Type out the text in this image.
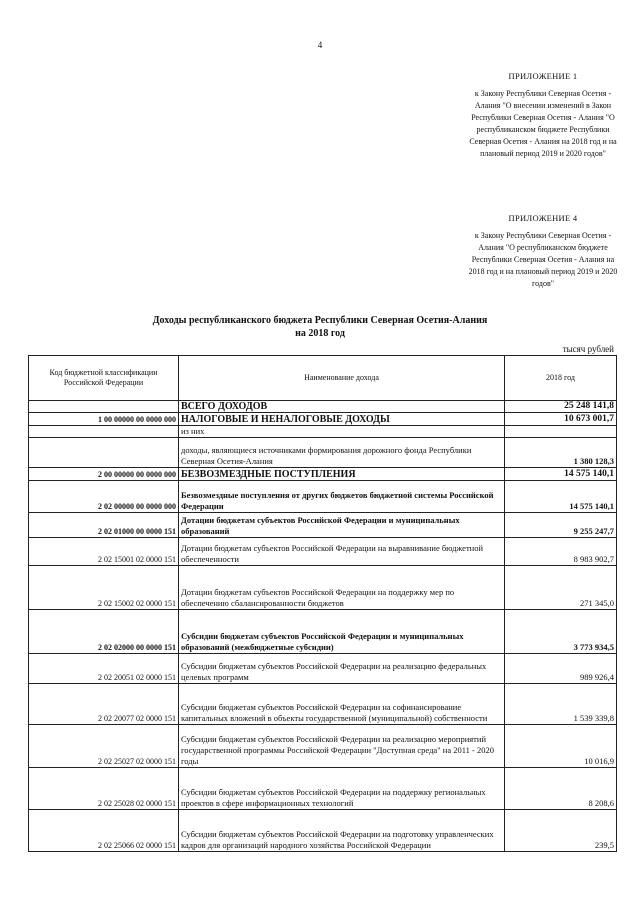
4
ПРИЛОЖЕНИЕ 1
к Закону Республики Северная Осетия - Алания "О внесении изменений в Закон Республики Северная Осетия - Алания "О республиканском бюджете Республики Северная Осетия - Алания на 2018 год и на плановый период 2019 и 2020 годов"
ПРИЛОЖЕНИЕ 4
к Закону Республики Северная Осетия - Алания "О республиканском бюджете Республики Северная Осетия - Алания на 2018 год и на плановый период 2019 и 2020 годов"
Доходы республиканского бюджета Республики Северная Осетия-Алания
на 2018 год
тысяч рублей
Код бюджетной классификации Российской Федерации	Наименование дохода	2018 год
	ВСЕГО ДОХОДОВ	25 248 141,8
1 00 00000 00 0000 000	НАЛОГОВЫЕ И НЕНАЛОГОВЫЕ ДОХОДЫ	10 673 001,7
	из них	
	доходы, являющиеся источниками формирования дорожного фонда Республики Северная Осетия-Алания	1 380 128,3
2 00 00000 00 0000 000	БЕЗВОЗМЕЗДНЫЕ ПОСТУПЛЕНИЯ	14 575 140,1
2 02 00000 00 0000 000	Безвозмездные поступления от других бюджетов бюджетной системы Российской Федерации	14 575 140,1
2 02 01000 00 0000 151	Дотации бюджетам субъектов Российской Федерации и муниципальных образований	9 255 247,7
2 02 15001 02 0000 151	Дотации бюджетам субъектов Российской Федерации на выравнивание бюджетной обеспеченности	8 983 902,7
2 02 15002 02 0000 151	Дотации бюджетам субъектов Российской Федерации на поддержку мер по обеспечению сбалансированности бюджетов	271 345,0
2 02 02000 00 0000 151	Субсидии бюджетам субъектов Российской Федерации и муниципальных образований (межбюджетные субсидии)	3 773 934,5
2 02 20051 02 0000 151	Субсидии бюджетам субъектов Российской Федерации на реализацию федеральных целевых программ	989 926,4
2 02 20077 02 0000 151	Субсидии бюджетам субъектов Российской Федерации на софинансирование капитальных вложений в объекты государственной (муниципальной) собственности	1 539 339,8
2 02 25027 02 0000 151	Субсидии бюджетам субъектов Российской Федерации на реализацию мероприятий государственной программы Российской Федерации "Доступная среда" на 2011 - 2020 годы	10 016,9
2 02 25028 02 0000 151	Субсидии бюджетам субъектов Российской Федерации на поддержку региональных проектов в сфере информационных технологий	8 208,6
2 02 25066 02 0000 151	Субсидии бюджетам субъектов Российской Федерации на подготовку управленческих кадров для организаций народного хозяйства Российской Федерации	239,5
